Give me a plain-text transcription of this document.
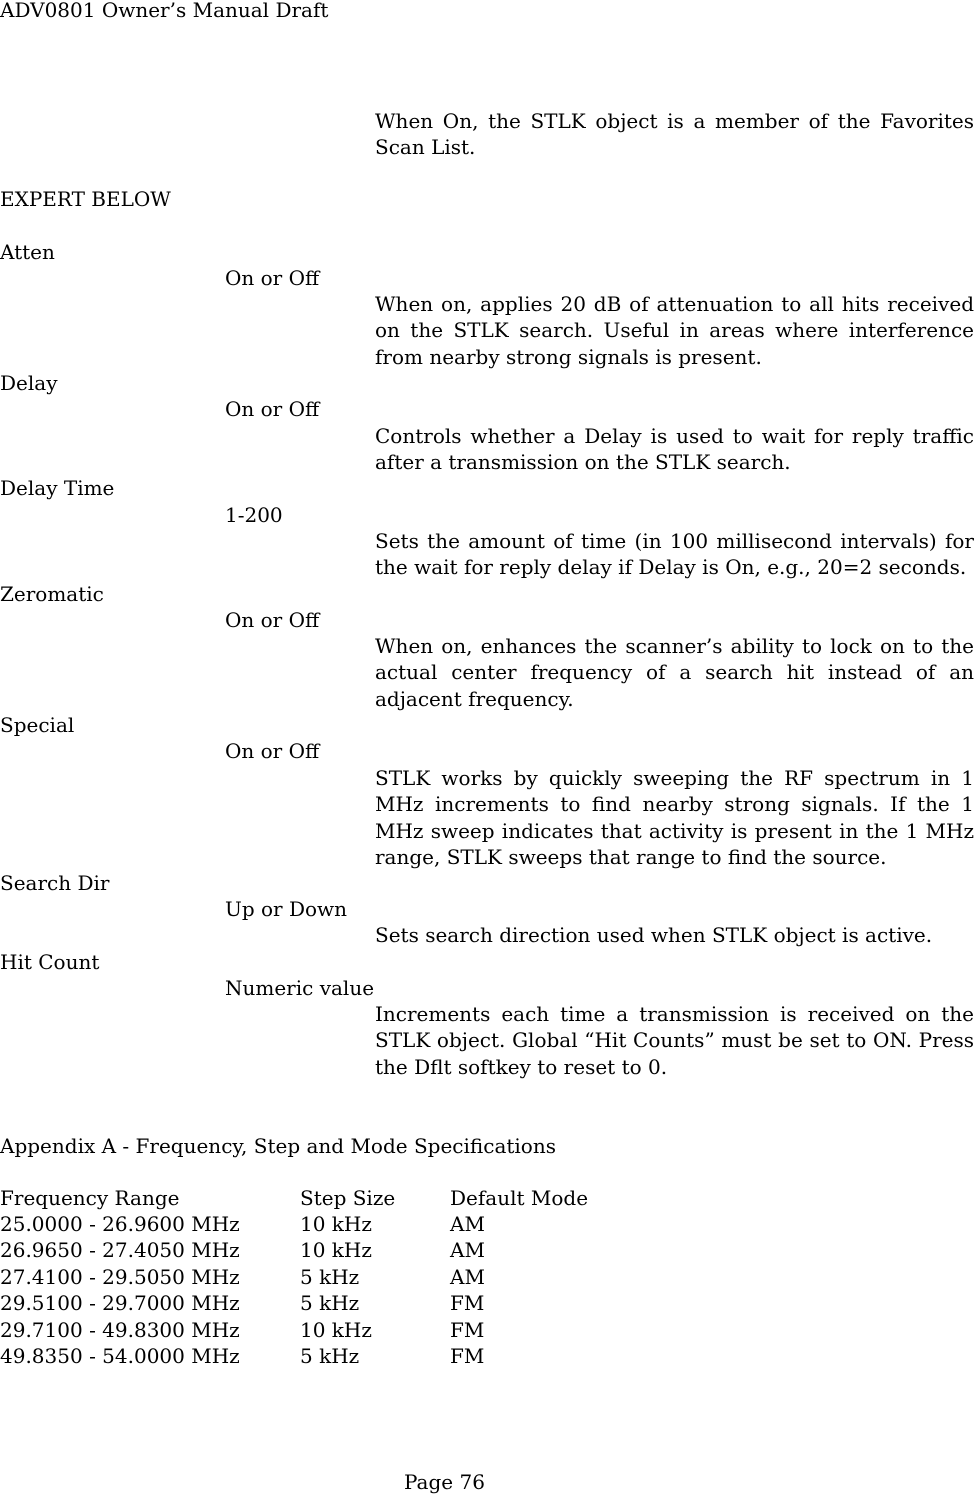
ADV0801 Owner’s Manual Draft
When On, the STLK object is a member of the Favorites Scan List.
EXPERT BELOW
Atten
On or Off
When on, applies 20 dB of attenuation to all hits received on the STLK search. Useful in areas where interference from nearby strong signals is present.
Delay
On or Off
Controls whether a Delay is used to wait for reply traffic after a transmission on the STLK search.
Delay Time
1-200
Sets the amount of time (in 100 millisecond intervals) for the wait for reply delay if Delay is On, e.g., 20=2 seconds.
Zeromatic
On or Off
When on, enhances the scanner’s ability to lock on to the actual center frequency of a search hit instead of an adjacent frequency.
Special
On or Off
STLK works by quickly sweeping the RF spectrum in 1 MHz increments to find nearby strong signals. If the 1 MHz sweep indicates that activity is present in the 1 MHz range, STLK sweeps that range to find the source.
Search Dir
Up or Down
Sets search direction used when STLK object is active.
Hit Count
Numeric value
Increments each time a transmission is received on the STLK object. Global “Hit Counts” must be set to ON. Press the Dflt softkey to reset to 0.
Appendix A - Frequency, Step and Mode Specifications
Frequency Range	Step Size	Default Mode
25.0000 - 26.9600 MHz	10 kHz	AM
26.9650 - 27.4050 MHz	10 kHz	AM
27.4100 - 29.5050 MHz	5 kHz	AM
29.5100 - 29.7000 MHz	5 kHz	FM
29.7100 - 49.8300 MHz	10 kHz	FM
49.8350 - 54.0000 MHz	5 kHz	FM
Page 76
